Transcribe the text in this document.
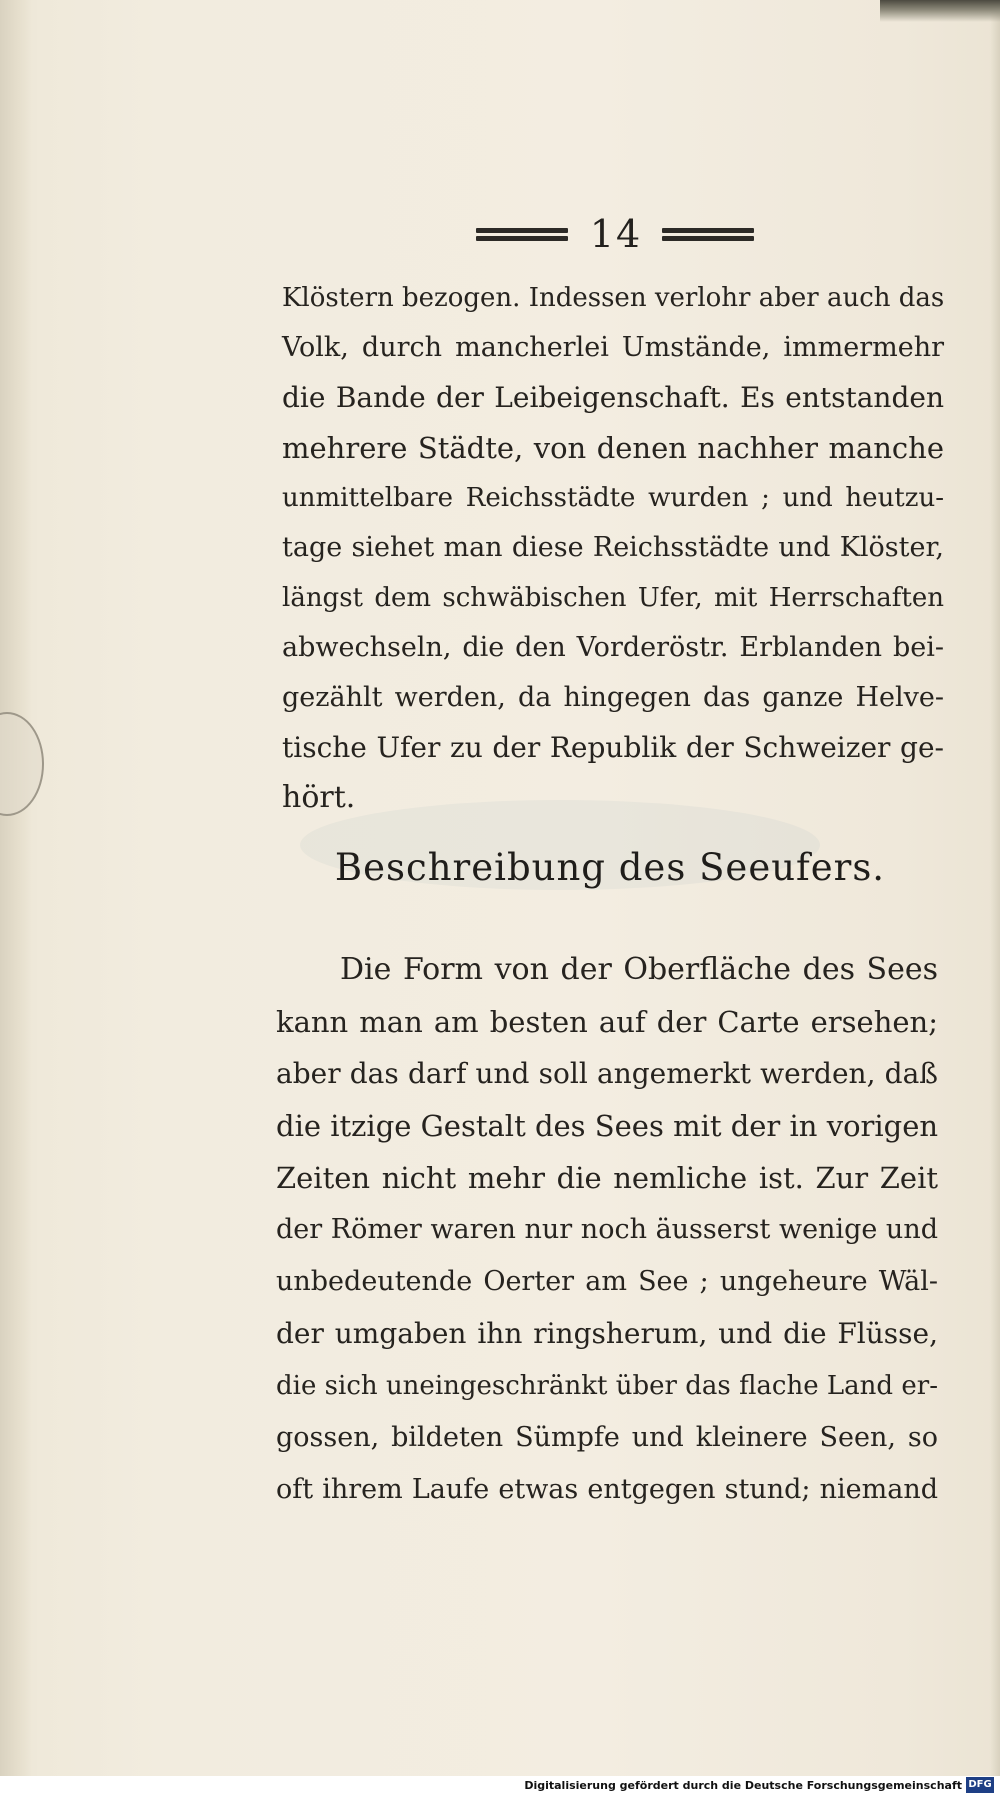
14
Klöstern bezogen. Indessen verlohr aber auch das
Volk, durch mancherlei Umstände, immermehr
die Bande der Leibeigenschaft. Es entstanden
mehrere Städte, von denen nachher manche
unmittelbare Reichsstädte wurden ; und heutzu-
tage siehet man diese Reichsstädte und Klöster,
längst dem schwäbischen Ufer, mit Herrschaften
abwechseln, die den Vorderöstr. Erblanden bei-
gezählt werden, da hingegen das ganze Helve-
tische Ufer zu der Republik der Schweizer ge-
hört.
Beschreibung des Seeufers.
Die Form von der Oberfläche des Sees
kann man am besten auf der Carte ersehen;
aber das darf und soll angemerkt werden, daß
die itzige Gestalt des Sees mit der in vorigen
Zeiten nicht mehr die nemliche ist. Zur Zeit
der Römer waren nur noch äusserst wenige und
unbedeutende Oerter am See ; ungeheure Wäl-
der umgaben ihn ringsherum, und die Flüsse,
die sich uneingeschränkt über das flache Land er-
gossen, bildeten Sümpfe und kleinere Seen, so
oft ihrem Laufe etwas entgegen stund; niemand
Digitalisierung gefördert durch die Deutsche Forschungsgemeinschaft DFG
